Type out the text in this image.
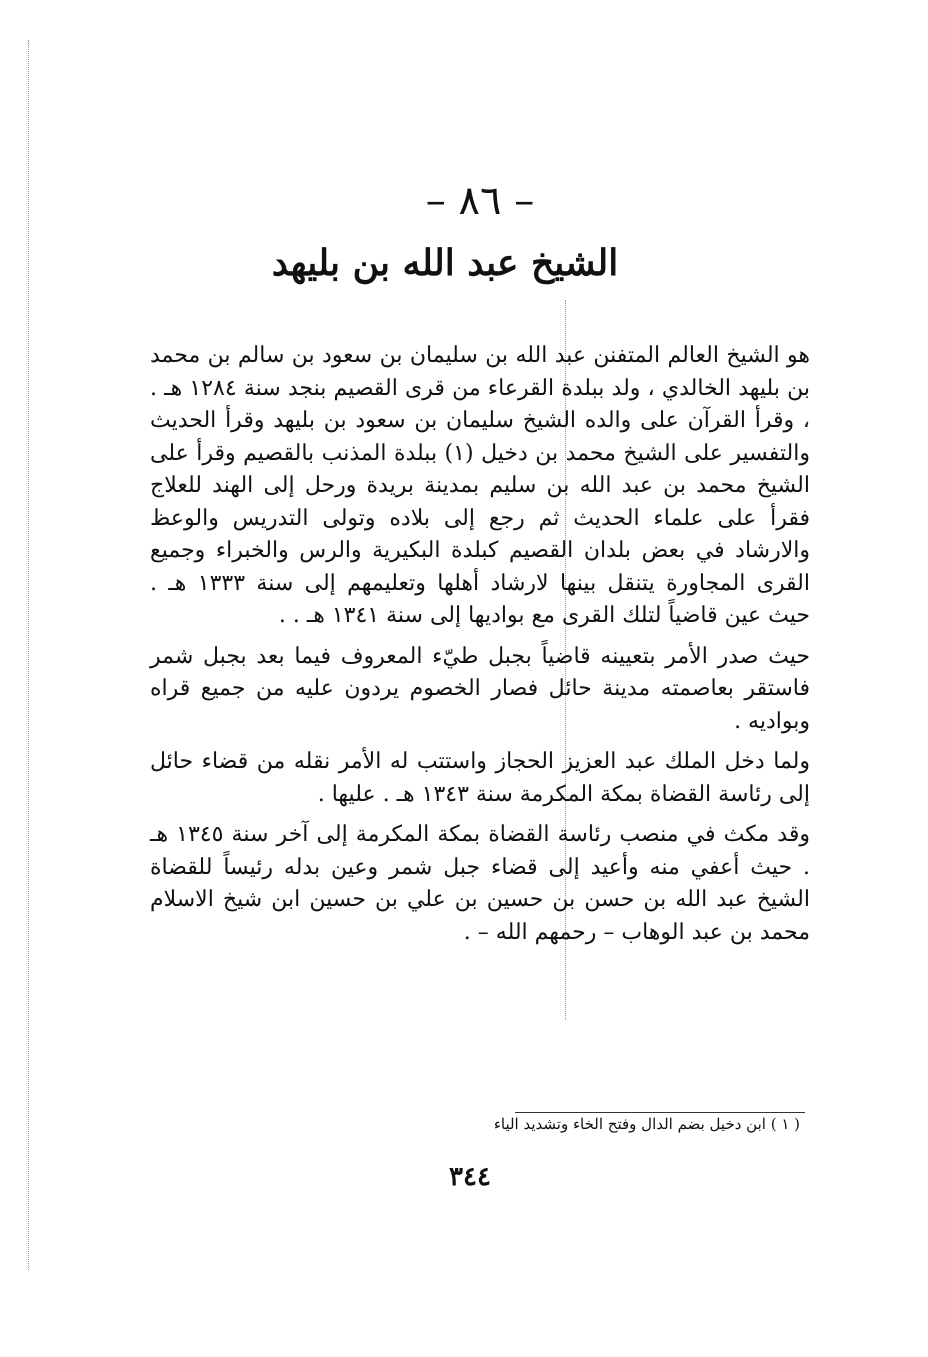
– ٨٦ –
الشيخ عبد الله بن بليهد

هو الشيخ العالم المتفنن عبد الله بن سليمان بن سعود بن سالم بن محمد بن بليهد الخالدي ، ولد ببلدة القرعاء من قرى القصيم بنجد سنة ١٢٨٤ هـ . ، وقرأ القرآن على والده الشيخ سليمان بن سعود بن بليهد وقرأ الحديث والتفسير على الشيخ محمد بن دخيل (١) ببلدة المذنب بالقصيم وقرأ على الشيخ محمد بن عبد الله بن سليم بمدينة بريدة ورحل إلى الهند للعلاج فقرأ على علماء الحديث ثم رجع إلى بلاده وتولى التدريس والوعظ والارشاد في بعض بلدان القصيم كبلدة البكيرية والرس والخبراء وجميع القرى المجاورة يتنقل بينها لارشاد أهلها وتعليمهم إلى سنة ١٣٣٣ هـ . حيث عين قاضياً لتلك القرى مع بواديها إلى سنة ١٣٤١ هـ . .

حيث صدر الأمر بتعيينه قاضياً بجبل طيّء المعروف فيما بعد بجبل شمر فاستقر بعاصمته مدينة حائل فصار الخصوم يردون عليه من جميع قراه وبواديه .

ولما دخل الملك عبد العزيز الحجاز واستتب له الأمر نقله من قضاء حائل إلى رئاسة القضاة بمكة المكرمة سنة ١٣٤٣ هـ . عليها .

وقد مكث في منصب رئاسة القضاة بمكة المكرمة إلى آخر سنة ١٣٤٥ هـ . حيث أعفي منه وأعيد إلى قضاء جبل شمر وعين بدله رئيساً للقضاة الشيخ عبد الله بن حسن بن حسين بن علي بن حسين ابن شيخ الاسلام محمد بن عبد الوهاب – رحمهم الله – .

( ١ ) ابن دخيل بضم الدال وفتح الخاء وتشديد الياء
٣٤٤
